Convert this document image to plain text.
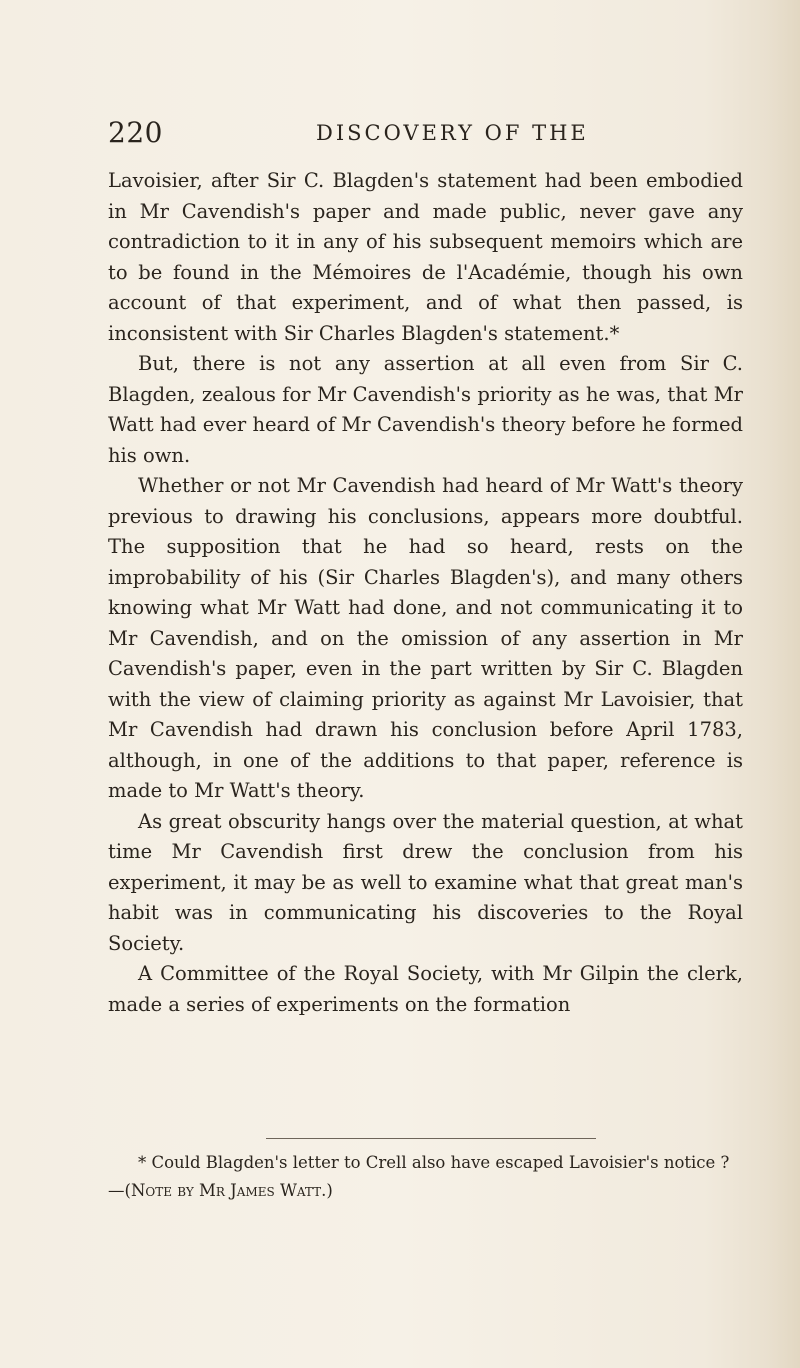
220	DISCOVERY OF THE

Lavoisier, after Sir C. Blagden's statement had been embodied in Mr Cavendish's paper and made public, never gave any contradiction to it in any of his subsequent memoirs which are to be found in the Mémoires de l'Académie, though his own account of that experiment, and of what then passed, is inconsistent with Sir Charles Blagden's statement.*

But, there is not any assertion at all even from Sir C. Blagden, zealous for Mr Cavendish's priority as he was, that Mr Watt had ever heard of Mr Cavendish's theory before he formed his own.

Whether or not Mr Cavendish had heard of Mr Watt's theory previous to drawing his conclusions, appears more doubtful. The supposition that he had so heard, rests on the improbability of his (Sir Charles Blagden's), and many others knowing what Mr Watt had done, and not communicating it to Mr Cavendish, and on the omission of any assertion in Mr Cavendish's paper, even in the part written by Sir C. Blagden with the view of claiming priority as against Mr Lavoisier, that Mr Cavendish had drawn his conclusion before April 1783, although, in one of the additions to that paper, reference is made to Mr Watt's theory.

As great obscurity hangs over the material question, at what time Mr Cavendish first drew the conclusion from his experiment, it may be as well to examine what that great man's habit was in communicating his discoveries to the Royal Society.

A Committee of the Royal Society, with Mr Gilpin the clerk, made a series of experiments on the formation

* Could Blagden's letter to Crell also have escaped Lavoisier's notice ?—(Note by Mr James Watt.)
